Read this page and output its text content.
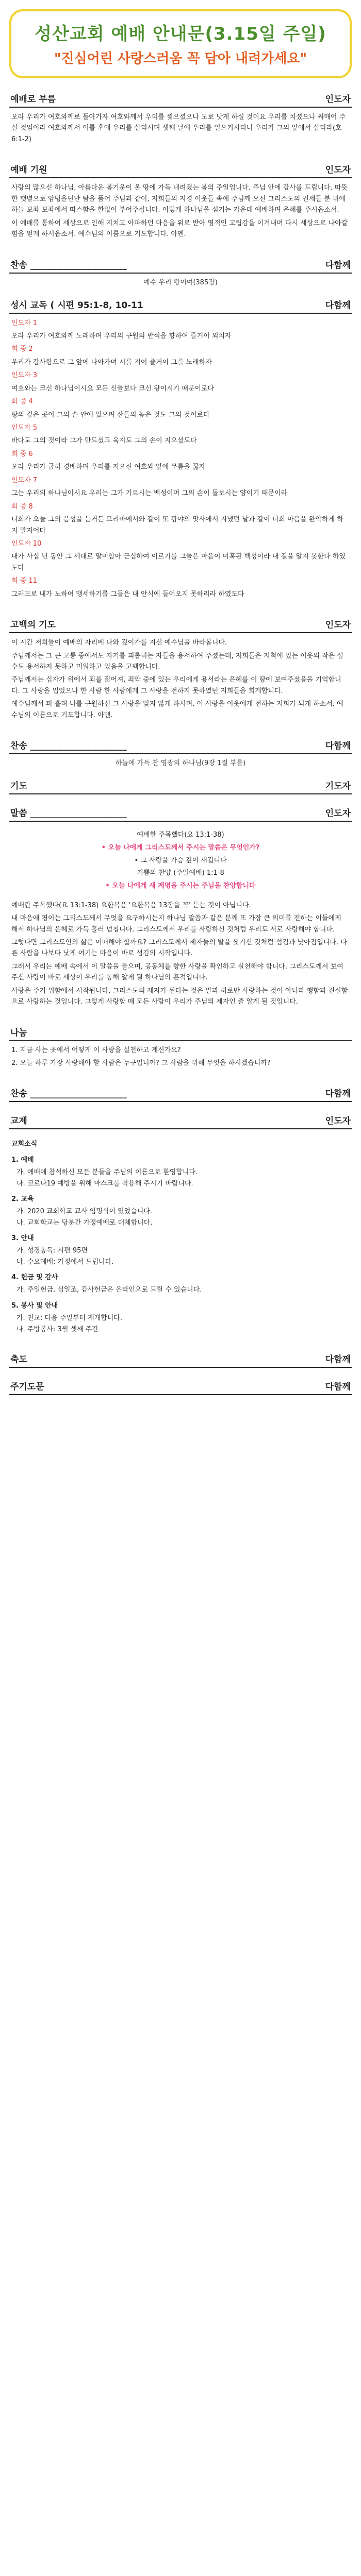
성산교회 예배 안내문(3.15일 주일)
"진심어린 사랑스러움 꼭 담아 내려가세요"
예배로 부름	인도자

오라 우리가 여호와께로 돌아가자 여호와께서 우리를 찢으셨으나 도로 낫게 하실 것이요 우리를 치셨으나 싸매어 주실 것임이라 여호와께서 이틀 후에 우리를 살리시며 셋째 날에 우리를 일으키시리니 우리가 그의 앞에서 살리라(호 6:1-2)

예배 기원	인도자

사랑의 많으신 하나님, 아름다운 봄기운이 온 땅에 가득 내려졌는 봄의 주일입니다. 주님 안에 감사를 드립니다. 따뜻한 햇볕으로 암덩을던만 탐을 품어 주님과 같이, 저희들의 지경 이웃들 속에 주님께 오신 그리스도의 권세들 분 위에 하늘 보좌 보좌에서 따스함을 한없이 부어주십니다. 이렇게 하나님을 섬기는 가운데 예배하며 은혜를 주시옵소서.

이 예배를 통하여 세상으로 인해 지치고 아파하던 마음을 위로 받아 영적인 고립감을 이겨내며 다시 세상으로 나아갈 힘을 얻게 하시옵소서. 예수님의 이름으로 기도합니다. 아멘.

찬송 ______________________	다함께
예수 우리 왕이여(385장)
성시 교독 ( 시편 95:1-8, 10-11	다함께

인도자 1

오라 우리가 여호와께 노래하며 우리의 구원의 반석을 향하여 즐거이 외치자

회 중 2

우리가 감사함으로 그 앞에 나아가며 시를 지어 즐거이 그를 노래하자

인도자 3

여호와는 크신 하나님이시요 모든 신들보다 크신 왕이시기 때문이로다

회 중 4

땅의 깊은 곳이 그의 손 안에 있으며 산들의 높은 것도 그의 것이로다

인도자 5

바다도 그의 것이라 그가 만드셨고 육지도 그의 손이 지으셨도다

회 중 6

오라 우리가 굽혀 경배하며 우리를 지으신 여호와 앞에 무릎을 꿇자

인도자 7

그는 우리의 하나님이시요 우리는 그가 기르시는 백성이며 그의 손이 돌보시는 양이기 때문이라

회 중 8

너희가 오늘 그의 음성을 듣거든 므리바에서와 같이 또 광야의 맛사에서 지냈던 날과 같이 너희 마음을 완악하게 하지 말지어다

인도자 10

내가 사십 년 동안 그 세대로 말미암아 근심하여 이르기를 그들은 마음이 미혹된 백성이라 내 길을 알지 못한다 하였도다

회 중 11

그러므로 내가 노하여 맹세하기를 그들은 내 안식에 들어오지 못하리라 하였도다

고백의 기도	인도자

이 시간 저희들이 예배의 자리에 나와 깊이가를 지신 예수님을 바라봅니다.

주님께서는 그 큰 고통 중에서도 자기를 괴롭히는 자들을 용서하여 주셨는데, 저희들은 지척에 있는 이웃의 작은 실수도 용서하지 못하고 미워하고 있음을 고백합니다.

주님께서는 십자가 위에서 죄를 짊어져, 죄악 중에 있는 우리에게 용서라는 은혜를 이 땅에 보여주셨음을 기억합니다. 그 사랑을 입었으나 한 사람 한 사람에게 그 사랑을 전하지 못하였던 저희들을 회개합니다.

예수님께서 피 흘려 나를 구원하신 그 사랑을 잊지 않게 하시며, 이 사랑을 이웃에게 전하는 저희가 되게 하소서. 예수님의 이름으로 기도합니다. 아멘.

찬송 ______________________	다함께
하늘에 가득 찬 영광의 하나님(9장 1절 부를)
기도	기도자
말씀 ______________________	인도자
예배한 주목했다(요 13:1-38)
• 오늘 나에게 그리스도께서 주시는 말씀은 무엇인가?
• 그 사랑을 가슴 깊이 새깁니다
기쁨의 찬양 (주일예배) 1:1-8
• 오늘 나에게 새 계명을 주시는 주님을 찬양합니다

예배란 주목했다(요 13:1-38) 요한복음 '요한복음 13장을 꼭' 듣는 것이 아닙니다.

내 마음에 평이는 그리스도께서 무엇을 요구하시는지 하나님 말씀과 같은 분께 또 가장 큰 의미를 전하는 이들에게 해서 하나님의 은혜로 가득 흘러 넘칩니다. 그리스도께서 우리를 사랑하신 것처럼 우리도 서로 사랑해야 합니다.

그렇다면 그리스도인의 삶은 어떠해야 할까요? 그리스도께서 제자들의 발을 씻기신 것처럼 섬김과 낮아짐입니다. 다른 사람을 나보다 낫게 여기는 마음이 바로 섬김의 시작입니다.

그래서 우리는 예배 속에서 이 말씀을 들으며, 공동체를 향한 사랑을 확인하고 실천해야 합니다. 그리스도께서 보여주신 사랑이 바로 세상이 우리를 통해 알게 될 하나님의 흔적입니다.

사랑은 주기 위함에서 시작됩니다. 그리스도의 제자가 된다는 것은 말과 혀로만 사랑하는 것이 아니라 행함과 진실함으로 사랑하는 것입니다. 그렇게 사랑할 때 모든 사람이 우리가 주님의 제자인 줄 알게 될 것입니다.

나눔

1. 지금 사는 곳에서 어떻게 이 사랑을 실천하고 계신가요?

2. 오늘 하루 가장 사랑해야 할 사람은 누구입니까? 그 사람을 위해 무엇을 하시겠습니까?

찬송 ______________________	다함께
교제	인도자
교회소식
1. 예배
가. 예배에 참석하신 모든 분들을 주님의 이름으로 환영합니다.
나. 코로나19 예방을 위해 마스크를 착용해 주시기 바랍니다.
2. 교육
가. 2020 교회학교 교사 임명식이 있었습니다.
나. 교회학교는 당분간 가정예배로 대체합니다.
3. 안내
가. 성경통독: 시편 95편
나. 수요예배: 가정에서 드립니다.
4. 헌금 및 감사
가. 주일헌금, 십일조, 감사헌금은 온라인으로 드릴 수 있습니다.
5. 봉사 및 안내
가. 친교: 다음 주일부터 재개합니다.
나. 주방봉사: 3월 셋째 주간
축도	다함께
주기도문	다함께
